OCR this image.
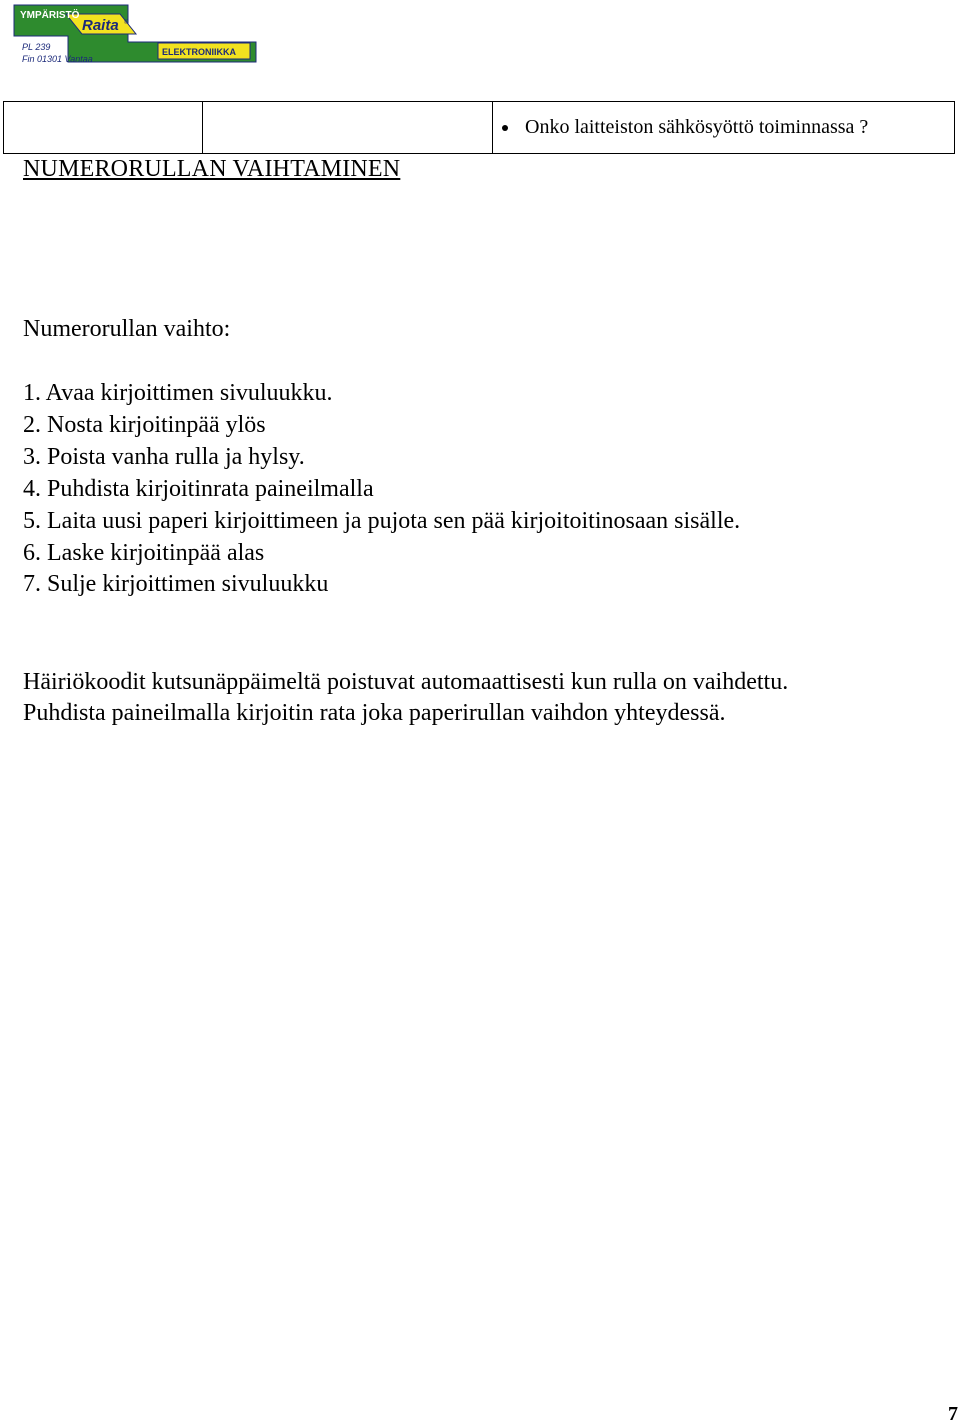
YMPÄRISTÖ
Raita ®
ELEKTRONIIKKA
PL 239
Fin 01301 Vantaa

Onko laitteiston sähkösyöttö toiminnassa ?
NUMERORULLAN VAIHTAMINEN

Numerorullan vaihto:

1. Avaa kirjoittimen sivuluukku.
2. Nosta kirjoitinpää ylös
3. Poista vanha rulla ja hylsy.
4. Puhdista kirjoitinrata paineilmalla
5. Laita uusi paperi kirjoittimeen ja pujota sen pää kirjoitoitinosaan sisälle.
6. Laske kirjoitinpää alas
7. Sulje kirjoittimen sivuluukku

Häiriökoodit kutsunäppäimeltä poistuvat automaattisesti kun rulla on vaihdettu.

Puhdista paineilmalla kirjoitin rata joka paperirullan vaihdon yhteydessä.

7
